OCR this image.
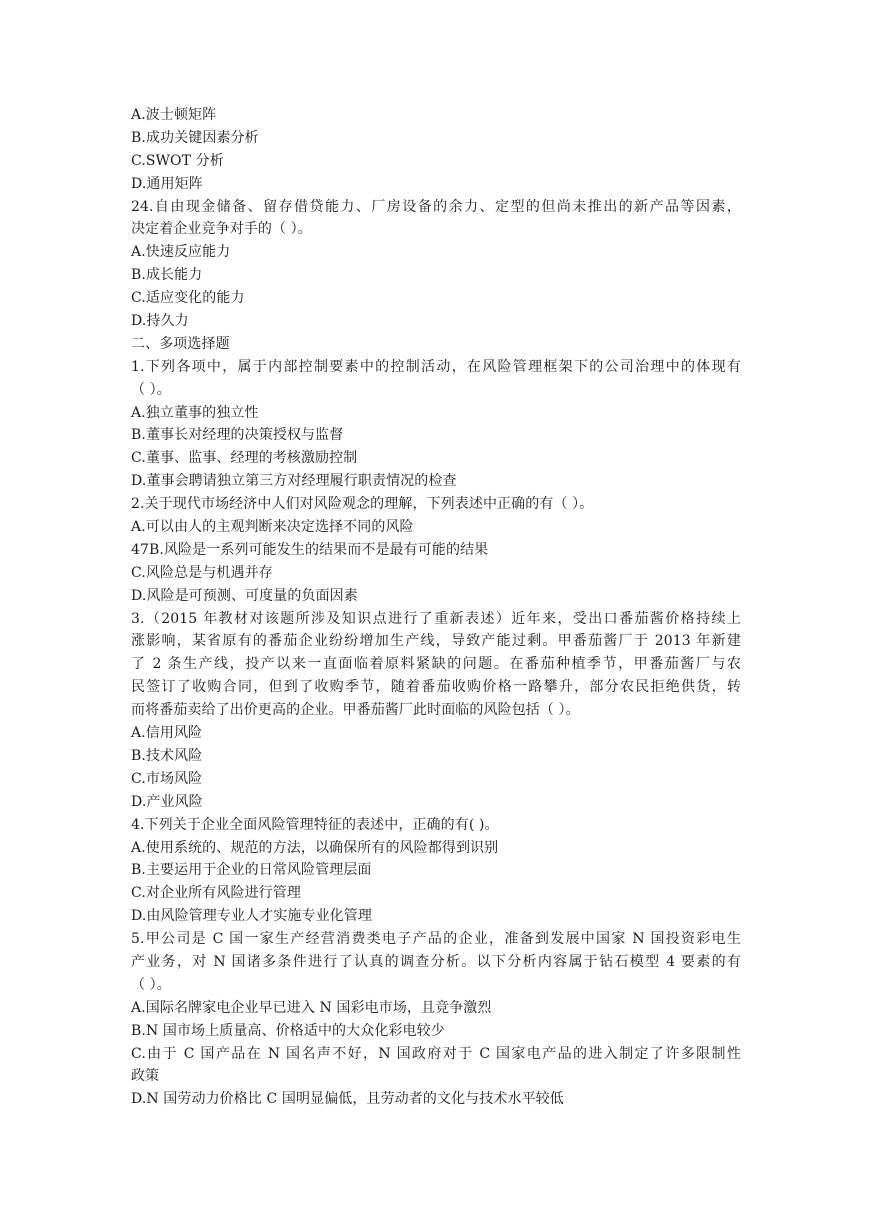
A.波士顿矩阵

B.成功关键因素分析

C.SWOT 分析

D.通用矩阵

24.自由现金储备、留存借贷能力、厂房设备的余力、定型的但尚未推出的新产品等因素，

决定着企业竞争对手的（ ）。

A.快速反应能力

B.成长能力

C.适应变化的能力

D.持久力

二、多项选择题

1.下列各项中，属于内部控制要素中的控制活动，在风险管理框架下的公司治理中的体现有

（ ）。

A.独立董事的独立性

B.董事长对经理的决策授权与监督

C.董事、监事、经理的考核激励控制

D.董事会聘请独立第三方对经理履行职责情况的检查

2.关于现代市场经济中人们对风险观念的理解，下列表述中正确的有（ ）。

A.可以由人的主观判断来决定选择不同的风险

47B.风险是一系列可能发生的结果而不是最有可能的结果

C.风险总是与机遇并存

D.风险是可预测、可度量的负面因素

3.（2015 年教材对该题所涉及知识点进行了重新表述）近年来，受出口番茄酱价格持续上

涨影响，某省原有的番茄企业纷纷增加生产线，导致产能过剩。甲番茄酱厂于 2013 年新建

了 2 条生产线，投产以来一直面临着原料紧缺的问题。在番茄种植季节，甲番茄酱厂与农

民签订了收购合同，但到了收购季节，随着番茄收购价格一路攀升，部分农民拒绝供货，转

而将番茄卖给了出价更高的企业。甲番茄酱厂此时面临的风险包括（ ）。

A.信用风险

B.技术风险

C.市场风险

D.产业风险

4.下列关于企业全面风险管理特征的表述中，正确的有( )。

A.使用系统的、规范的方法，以确保所有的风险都得到识别

B.主要运用于企业的日常风险管理层面

C.对企业所有风险进行管理

D.由风险管理专业人才实施专业化管理

5.甲公司是 C 国一家生产经营消费类电子产品的企业，准备到发展中国家 N 国投资彩电生

产业务，对 N 国诸多条件进行了认真的调查分析。以下分析内容属于钻石模型 4 要素的有

（ ）。

A.国际名牌家电企业早已进入 N 国彩电市场，且竞争激烈

B.N 国市场上质量高、价格适中的大众化彩电较少

C.由于 C 国产品在 N 国名声不好，N 国政府对于 C 国家电产品的进入制定了许多限制性

政策

D.N 国劳动力价格比 C 国明显偏低，且劳动者的文化与技术水平较低
